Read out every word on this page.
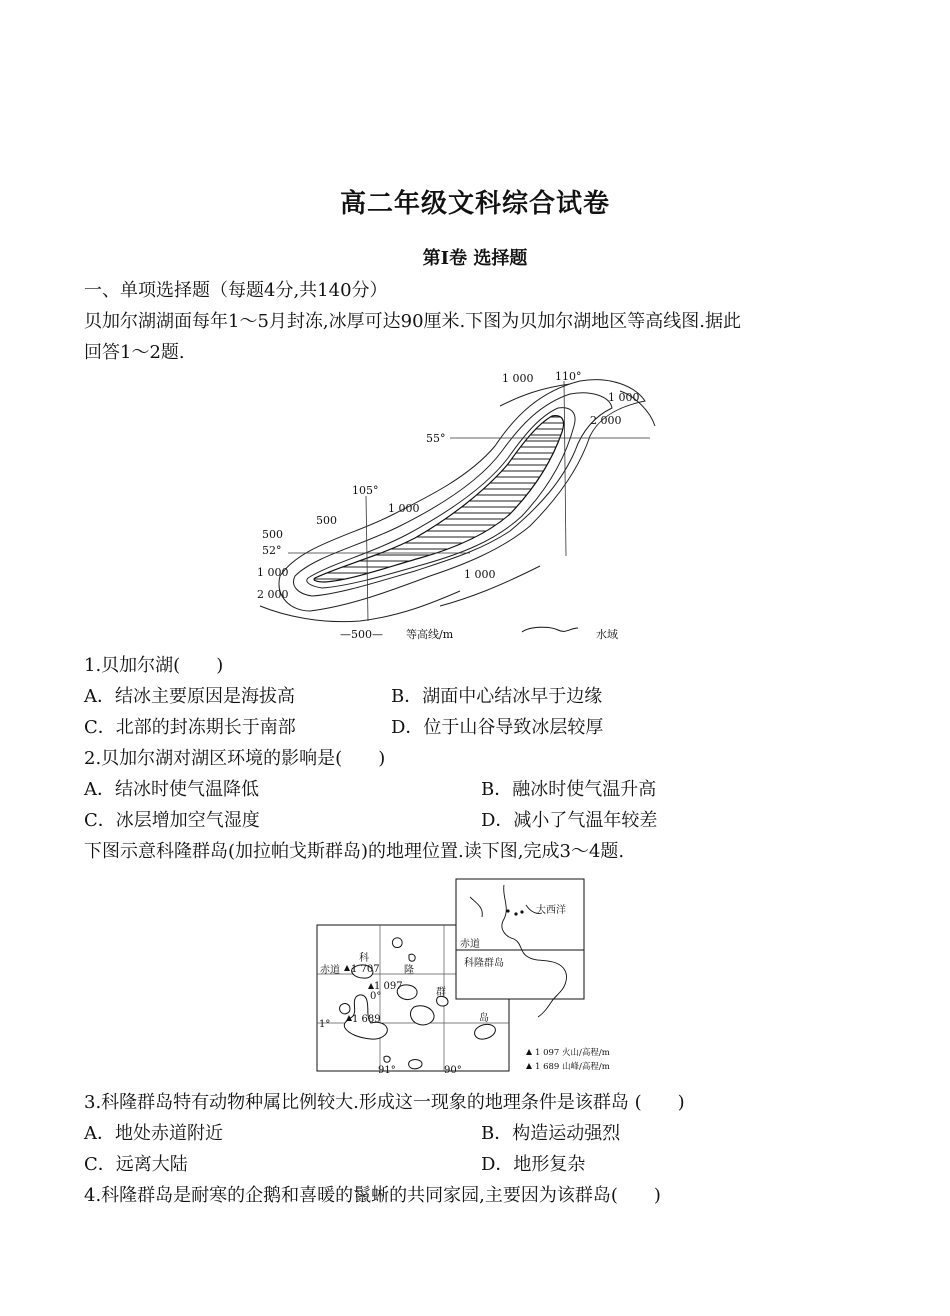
高二年级文科综合试卷
第Ⅰ卷 选择题
一、单项选择题（每题4分,共140分）
贝加尔湖湖面每年1～5月封冻,冰厚可达90厘米.下图为贝加尔湖地区等高线图.据此
回答1～2题.
1 000 110°
1 000
2 000
55°
105°
1 000
500
500
52°
1 000	1 000
2 000
—500— 等高线/m	水域
1.贝加尔湖(　　)
A．结冰主要原因是海拔高	B．湖面中心结冰早于边缘
C．北部的封冻期长于南部	D．位于山谷导致冰层较厚
2.贝加尔湖对湖区环境的影响是(　　)
A．结冰时使气温降低	B．融冰时使气温升高
C．冰层增加空气湿度	D．减小了气温年较差
下图示意科隆群岛(加拉帕戈斯群岛)的地理位置.读下图,完成3～4题.
大西洋
赤道
科隆群岛
科
赤道 1 707 隆
1 097
0°	群
岛
1° 1 689
91°	90°
1 097 火山/高程/m
1 689 山峰/高程/m
3.科隆群岛特有动物种属比例较大.形成这一现象的地理条件是该群岛 (　　)
A．地处赤道附近	B．构造运动强烈
C．远离大陆	D．地形复杂
4.科隆群岛是耐寒的企鹅和喜暖的鬣蜥的共同家园,主要因为该群岛(　　)
